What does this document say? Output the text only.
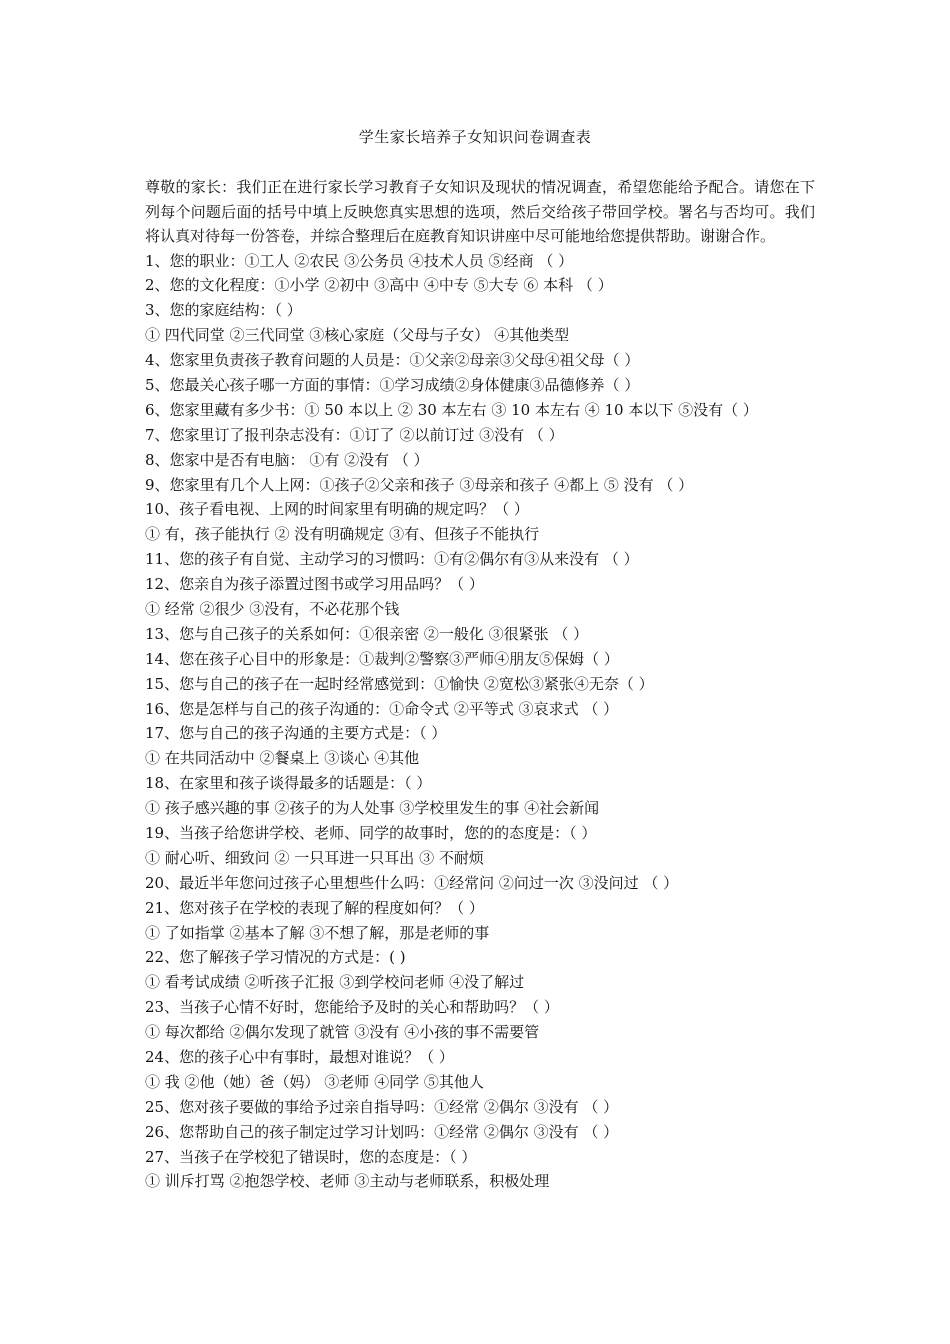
学生家长培养子女知识问卷调查表

尊敬的家长：我们正在进行家长学习教育子女知识及现状的情况调查，希望您能给予配合。请您在下列每个问题后面的括号中填上反映您真实思想的选项，然后交给孩子带回学校。署名与否均可。我们将认真对待每一份答卷，并综合整理后在庭教育知识讲座中尽可能地给您提供帮助。谢谢合作。

1、您的职业：①工人 ②农民 ③公务员 ④技术人员 ⑤经商 （ ）

2、您的文化程度：①小学 ②初中 ③高中 ④中专 ⑤大专 ⑥ 本科 （ ）

3、您的家庭结构：（ ）

① 四代同堂 ②三代同堂 ③核心家庭（父母与子女） ④其他类型

4、您家里负责孩子教育问题的人员是：①父亲②母亲③父母④祖父母（ ）

5、您最关心孩子哪一方面的事情：①学习成绩②身体健康③品德修养（ ）

6、您家里藏有多少书：① 50 本以上 ② 30 本左右 ③ 10 本左右 ④ 10 本以下 ⑤没有（ ）

7、您家里订了报刊杂志没有：①订了 ②以前订过 ③没有 （ ）

8、您家中是否有电脑： ①有 ②没有 （ ）

9、您家里有几个人上网：①孩子②父亲和孩子 ③母亲和孩子 ④都上 ⑤ 没有 （ ）

10、孩子看电视、上网的时间家里有明确的规定吗？（ ）

① 有，孩子能执行 ② 没有明确规定 ③有、但孩子不能执行

11、您的孩子有自觉、主动学习的习惯吗：①有②偶尔有③从来没有 （ ）

12、您亲自为孩子添置过图书或学习用品吗？（ ）

① 经常 ②很少 ③没有，不必花那个钱

13、您与自己孩子的关系如何：①很亲密 ②一般化 ③很紧张 （ ）

14、您在孩子心目中的形象是：①裁判②警察③严师④朋友⑤保姆（ ）

15、您与自己的孩子在一起时经常感觉到：①愉快 ②宽松③紧张④无奈（ ）

16、您是怎样与自己的孩子沟通的：①命令式 ②平等式 ③哀求式 （ ）

17、您与自己的孩子沟通的主要方式是：（ ）

① 在共同活动中 ②餐桌上 ③谈心 ④其他

18、在家里和孩子谈得最多的话题是：（ ）

① 孩子感兴趣的事 ②孩子的为人处事 ③学校里发生的事 ④社会新闻

19、当孩子给您讲学校、老师、同学的故事时，您的的态度是：（ ）

① 耐心听、细致问 ② 一只耳进一只耳出 ③ 不耐烦

20、最近半年您问过孩子心里想些什么吗：①经常问 ②问过一次 ③没问过 （ ）

21、您对孩子在学校的表现了解的程度如何？（ ）

① 了如指掌 ②基本了解 ③不想了解，那是老师的事

22、您了解孩子学习情况的方式是：( )

① 看考试成绩 ②听孩子汇报 ③到学校问老师 ④没了解过

23、当孩子心情不好时，您能给予及时的关心和帮助吗？（ ）

① 每次都给 ②偶尔发现了就管 ③没有 ④小孩的事不需要管

24、您的孩子心中有事时，最想对谁说？（ ）

① 我 ②他（她）爸（妈） ③老师 ④同学 ⑤其他人

25、您对孩子要做的事给予过亲自指导吗：①经常 ②偶尔 ③没有 （ ）

26、您帮助自己的孩子制定过学习计划吗：①经常 ②偶尔 ③没有 （ ）

27、当孩子在学校犯了错误时，您的态度是：（ ）

① 训斥打骂 ②抱怨学校、老师 ③主动与老师联系，积极处理
